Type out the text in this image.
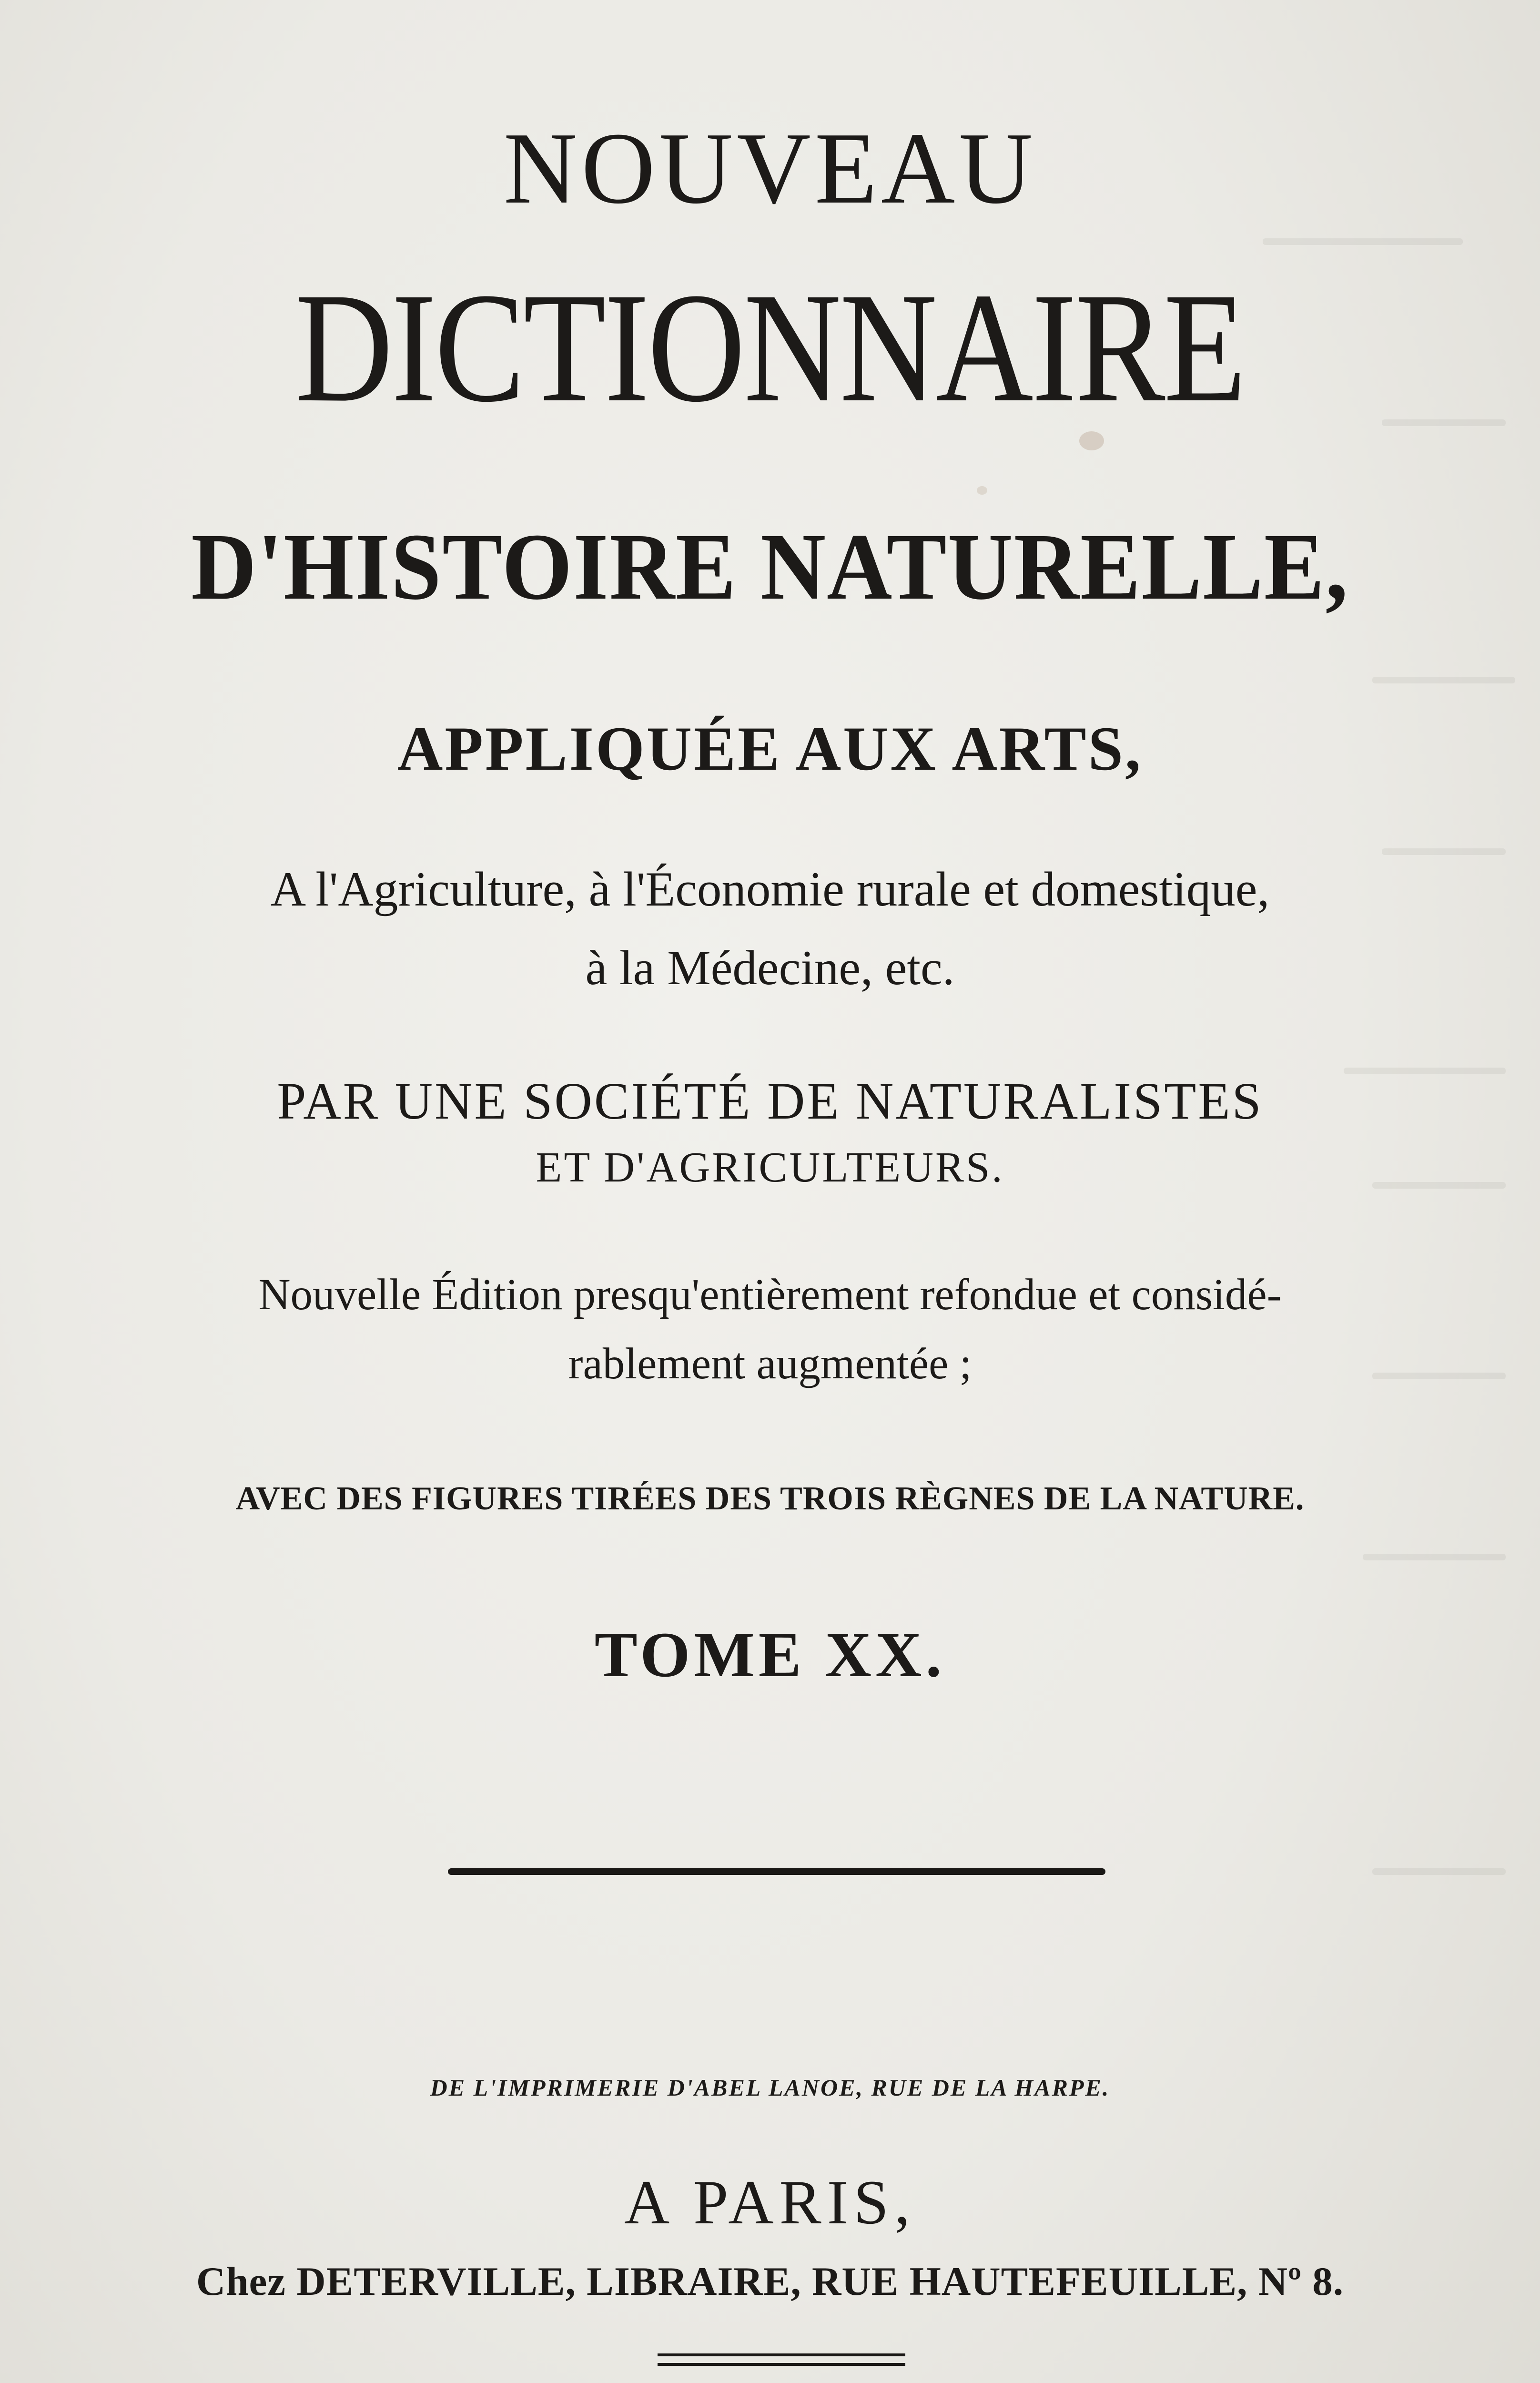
NOUVEAU
DICTIONNAIRE
D'HISTOIRE NATURELLE,
APPLIQUÉE AUX ARTS,
A l'Agriculture, à l'Économie rurale et domestique,
à la Médecine, etc.
PAR UNE SOCIÉTÉ DE NATURALISTES
ET D'AGRICULTEURS.
Nouvelle Édition presqu'entièrement refondue et considé-
rablement augmentée ;
AVEC DES FIGURES TIRÉES DES TROIS RÈGNES DE LA NATURE.
TOME XX.
DE L'IMPRIMERIE D'ABEL LANOE, RUE DE LA HARPE.
A PARIS,
Chez DETERVILLE, LIBRAIRE, RUE HAUTEFEUILLE, Nº 8.
